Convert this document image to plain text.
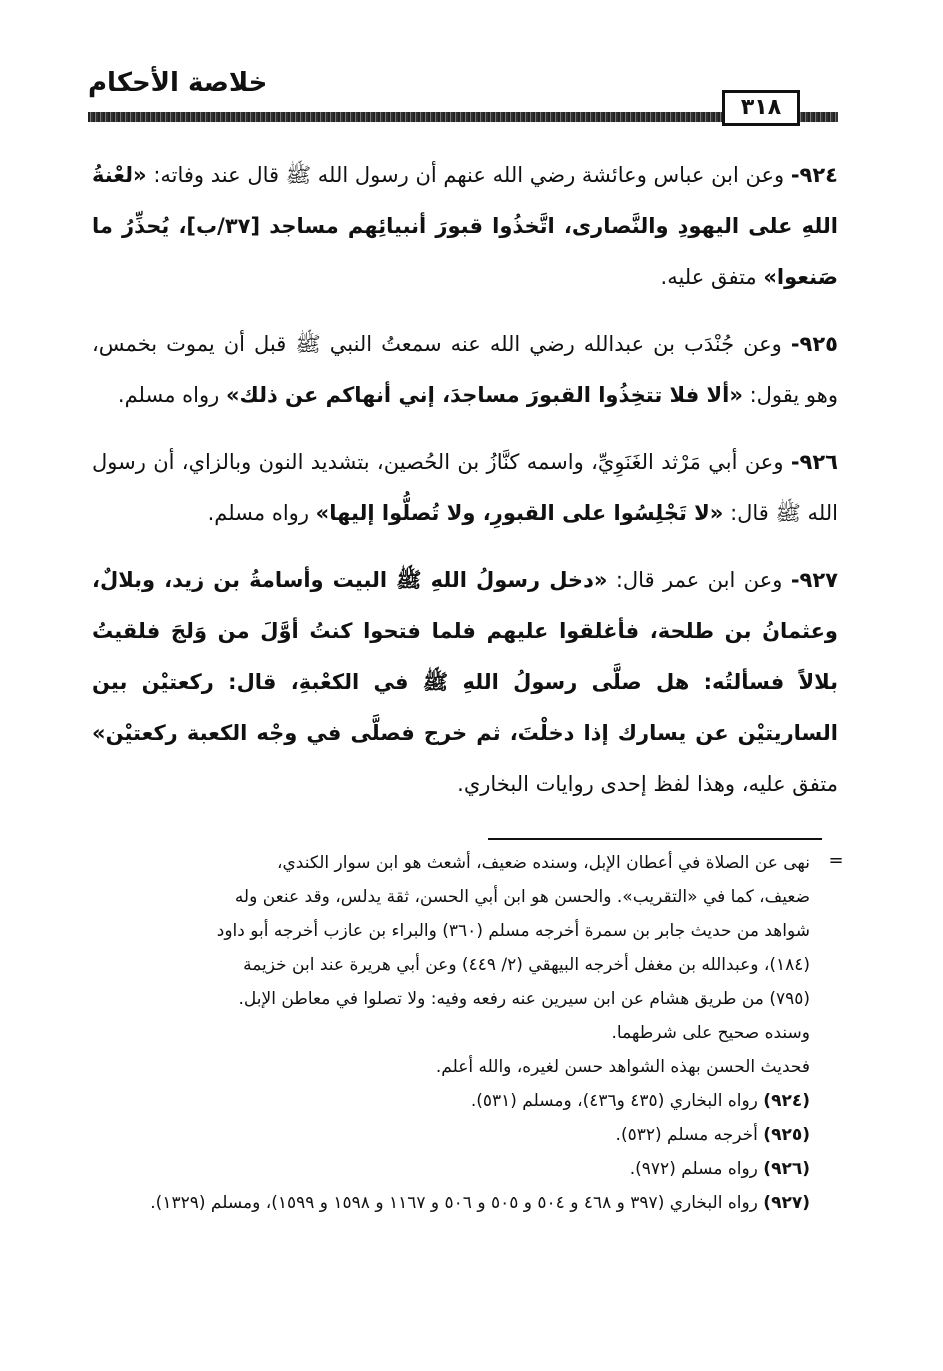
خلاصة الأحكام
٣١٨

٩٢٤- وعن ابن عباس وعائشة رضي الله عنهم أن رسول الله ﷺ قال عند وفاته: «لعْنةُ اللهِ على اليهودِ والنَّصارى، اتَّخذُوا قبورَ أنبيائِهم مساجد [٣٧/ب]، يُحذِّرُ ما صَنعوا» متفق عليه.

٩٢٥- وعن جُنْدَب بن عبدالله رضي الله عنه سمعتُ النبي ﷺ قبل أن يموت بخمس، وهو يقول: «ألا فلا تتخِذُوا القبورَ مساجدَ، إني أنهاكم عن ذلك» رواه مسلم.

٩٢٦- وعن أبي مَرْثد الغَنَوِيِّ، واسمه كنَّازُ بن الحُصين، بتشديد النون وبالزاي، أن رسول الله ﷺ قال: «لا تَجْلِسُوا على القبورِ، ولا تُصلُّوا إليها» رواه مسلم.

٩٢٧- وعن ابن عمر قال: «دخل رسولُ اللهِ ﷺ البيت وأسامةُ بن زيد، وبلالٌ، وعثمانُ بن طلحة، فأغلقوا عليهم فلما فتحوا كنتُ أوَّلَ من وَلجَ فلقيتُ بلالاً فسألتُه: هل صلَّى رسولُ اللهِ ﷺ في الكعْبةِ، قال: ركعتيْن بين الساريتيْن عن يسارك إذا دخلْتَ، ثم خرج فصلَّى في وجْه الكعبة ركعتيْن» متفق عليه، وهذا لفظ إحدى روايات البخاري.

=
نهى عن الصلاة في أعطان الإبل، وسنده ضعيف، أشعث هو ابن سوار الكندي،
ضعيف، كما في «التقريب». والحسن هو ابن أبي الحسن، ثقة يدلس، وقد عنعن وله
شواهد من حديث جابر بن سمرة أخرجه مسلم (٣٦٠) والبراء بن عازب أخرجه أبو داود
(١٨٤)، وعبدالله بن مغفل أخرجه البيهقي (٢/ ٤٤٩) وعن أبي هريرة عند ابن خزيمة
(٧٩٥) من طريق هشام عن ابن سيرين عنه رفعه وفيه: ولا تصلوا في معاطن الإبل.
وسنده صحيح على شرطهما.
فحديث الحسن بهذه الشواهد حسن لغيره، والله أعلم.

(٩٢٤) رواه البخاري (٤٣٥ و٤٣٦)، ومسلم (٥٣١).

(٩٢٥) أخرجه مسلم (٥٣٢).

(٩٢٦) رواه مسلم (٩٧٢).

(٩٢٧) رواه البخاري (٣٩٧ و ٤٦٨ و ٥٠٤ و ٥٠٥ و ٥٠٦ و ١١٦٧ و ١٥٩٨ و ١٥٩٩)، ومسلم (١٣٢٩).
